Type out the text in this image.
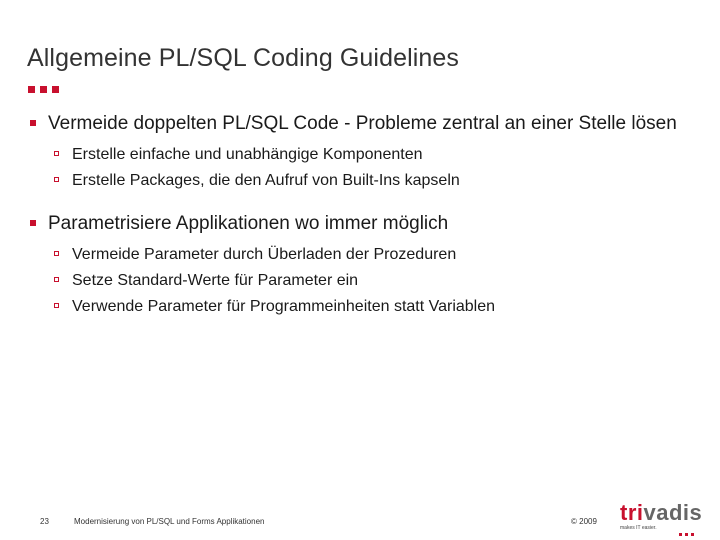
Allgemeine PL/SQL Coding Guidelines
Vermeide doppelten PL/SQL Code - Probleme zentral an einer Stelle lösen
Erstelle einfache und unabhängige Komponenten
Erstelle Packages, die den Aufruf von Built-Ins kapseln
Parametrisiere Applikationen wo immer möglich
Vermeide Parameter durch Überladen der Prozeduren
Setze Standard-Werte für Parameter ein
Verwende Parameter für Programmeinheiten statt Variablen
23	Modernisierung von PL/SQL und Forms Applikationen	© 2009 trivadis
makes IT easier.
